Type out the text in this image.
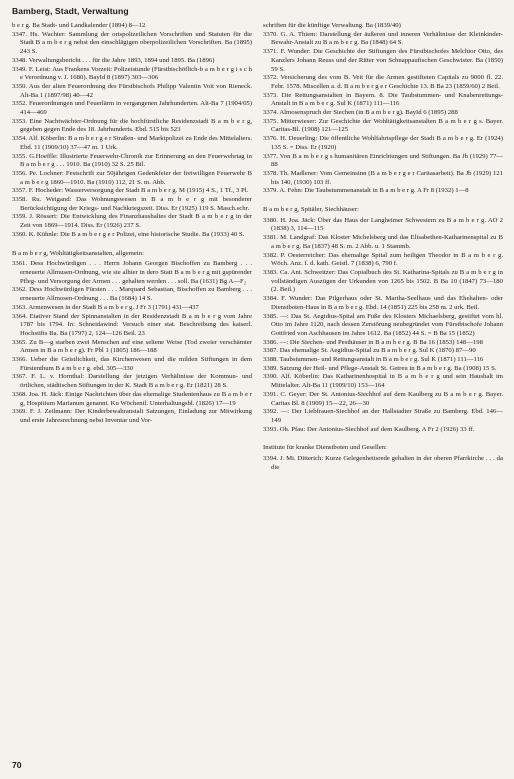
Bamberg, Stadt, Verwaltung
b e r g. Ba Stadt- und Landkalender (1894) 8—12
3347. Hs. Wachter: Sammlung der ortspolizeilichen Vorschriften und Statuten für die Stadt B a m b e r g nebst den einschlägigen oberpolizeilichen Vorschriften. Ba (1895) 243 S.
3348. Verwaltungsbericht . . . für die Jahre 1893, 1894 und 1895. Ba (1896)
3349. F. Leist: Aus Frankens Vorzeit: Polizeistunde (Fürstbischöflich-b a m b e r g i s c h e Verordnung v. J. 1680). BayId 8 (1897) 303—306
3350. Aus der alten Feuerordnung des Fürstbischofs Philipp Valentin Voit von Rieneck. Alt-Ba 1 (1897/98) 40—42
3352. Feuerordnungen und Feuerlärm in vergangenen Jahrhunderten. Alt-Ba 7 (1904/05) 414—469
3353. Eine Nachtwächter-Ordnung für die hochfürstliche Residenzstadt B a m b e r g, gegeben gegen Ende des 18. Jahrhunderts. Ebd. 515 bis 523
3354. Alf. Köberlin: B a m b e r g e r Straßen- und Marktpolizei zu Ende des Mittelalters. Ebd. 11 (1909/10) 37—47 m. 1 Urk.
3355. G.Hoeffle: Illustrierte Feuerwehr-Chronik zur Erinnerung an den Feuerwehrtag in B a m b e r g . . . 1910. Ba (1910) 32 S. 25 Bil.
3356. Pe. Lochner: Festschrift zur 50jährigen Gedenkfeier der freiwilligen Feuerwehr B a m b e r g 1860—1910. Ba (1910) 112, 21 S. m. Abb.
3357. F. Hocheder: Wasserversorgung der Stadt B a m b e r g. M (1915) 4 S., 1 Tf., 3 Pl.
3358. Ru. Weigand: Das Wohnungswesen in B a m b e r g mit besonderer Berücksichtigung der Kriegs- und Nachkriegszeit. Diss. Er (1925) 119 S. Masch.schr.
3359. J. Rössert: Die Entwicklung des Finanzhaushaltes der Stadt B a m b e r g in der Zeit von 1869—1914. Diss. Er (1926) 237 S.
3360. K. Kühnle: Die B a m b e r g e r Polizei, eine historische Studie. Ba (1933) 40 S.
B a m b e r g, Wohltätigkeitsanstalten, allgemein:
3361. Dess Hochwürdigen . . . Herrn Johann Georgen Bischoffen zu Bamberg . . . erneuerte Allmusen-Ordnung, wie sie alhier in dero Statt B a m b e r g mit gspürender Pfleg- und Versorgung der Armen . . . gehalten werden . . . soll. Ba (1631) Bg A—F₂
3362. Dess Hochwürdigen Fürsten . . . Marquard Sebastian, Bischoffen zu Bamberg . . . erneuerte Allmosen-Ordnung . . . Ba (1684) 14 S.
3363. Armenwesen in der Stadt B a m b e r g. J Fr 3 (1791) 431—437
3364. Etativer Stand der Spinnanstalten in der Residenzstadt B a m b e r g vom Jahre 1787 bis 1794. In: Schneidawind: Versuch einer stat. Beschreibung des kaiserl. Hochstifts Ba. Ba (1797) 2, 124—126 Beil. 23
3365. Zu B—g starben zwei Menschen auf eine seltene Weise (Tod zweier verschämter Armen in B a m b e r g). Fr Pbl 1 (1805) 186—188
3366. Ueber die Geistlichkeit, das Kirchenwesen und die milden Stiftungen in dem Fürstenthum B a m b e r g. ebd. 305—330
3367. F. L. v. Hornthal: Darstellung der jetzigen Verhältnisse der Kommun- und örtlichen, städtischen Stiftungen in der K. Stadt B a m b e r g. Er (1821) 28 S.
3368. Joa. H. Jäck: Einige Nachrichten über das ehemalige Studentenhaus zu B a m b e r g, Hospitium Marianum genannt. Ku Wöchentl. Unterhaltungsbl. (1826) 17—19
3369. F. J. Zeilmann: Der Kinderbewahranstalt Satzungen, Einladung zur Mitwirkung und erste Jahresrechnung nebst Inventar und Vor-
schriften für die künftige Verwaltung. Ba (1839/40)
3370. G. A. Thiem: Darstellung der äußeren und inneren Verhältnisse der Kleinkinder-Bewahr-Anstalt zu B a m b e r g. Ba (1848) 64 S.
3371. F. Wunder: Die Geschichte der Stiftungen des Fürstbischofes Melchior Otto, des Kanzlers Johann Reuss und der Ritter von Schnappaufischen Geschwister. Ba (1850) 59 S.
3372. Versicherung des vom B. Veit für die Armen gestifteten Capitals zu 9000 fl. 22. Febr. 1578. Miscellen a. d. B a m b e r g e r Geschichte 13. B Ba 23 (1859/60) 2 Beil.
3373. Die Rettungsanstalten in Bayern. 8. Die Taubstummen- und Knabenrettungs-Anstalt in B a m b e r g. Sul K (1871) 111—116
3374. Almosenspruch der Siechen (in B a m b e r g). BayId 6 (1895) 288
3375. Mitterwieser: Zur Geschichte der Wohltätigkeitsanstalten B a m b e r g s. Bayer. Caritas-Bl. (1908) 121—125
3376. H. Deuerling: Die öffentliche Wohlfahrtspflege der Stadt B a m b e r g. Er (1924) 135 S. = Diss. Er (1920)
3377. Von B a m b e r g s humanitären Einrichtungen und Stiftungen. Ba Jb (1929) 77—88
3378. Th. Madlener: Vom Gemeinsinn (B a m b e r g e r Caritasarbeit). Ba Jb (1929) 121 bis 140, (1930) 103 ff.
3379. A. Fehn: Die Taubstummenanstalt in B a m b e r g. A Fr 8 (1932) 1—8
B a m b e r g, Spitäler, Siechhäuser:
3380. H. Joa. Jäck: Über das Haus der Langheimer Schwestern zu B a m b e r g. AO 2 (1838) 3, 114—115
3381. M. Landgraf: Das Kloster Michelsberg und das Elisabethen-Katharinenspital zu B a m b e r g. Ba (1837) 48 S. m. 2 Abb. u. 1 Stammb.
3382. P. Oesterreicher: Das ehemalige Spital zum heiligen Theodor in B a m b e r g. Wöch. Anz. f. d. kath. Geistl. 7 (1838) 6, 790 f.
3383. Ca. Ant. Schweitzer: Das Copialbuch des St. Katharina-Spitals zu B a m b e r g in vollständigen Auszügen der Urkunden von 1265 bis 1502. B Ba 10 (1847) 73—180 (2. Beil.)
3384. F. Wunder: Das Pilgerhaus oder St. Martha-Seelhaus und das Ehehalten- oder Dienstboten-Haus in B a m b e r g. Ebd. 14 (1851) 225 bis 258 m. 2 urk. Beil.
3385. —: Das St. Aegidius-Spital am Fuße des Klosters Michaelsberg, gestiftet vom hl. Otto im Jahre 1120, nach dessen Zerstörung neubegründet vom Fürstbischofe Johann Gottfried von Aschhausen im Jahre 1612. Ba (1852) 44 S. = B Ba 15 (1852)
3386. —: Die Siechen- und Pesthäuser in B a m b e r g. B Ba 16 (1853) 148—198
3387. Das ehemalige St. Aegidius-Spital zu B a m b e r g. Sul K (1870) 87—90
3388. Taubstummen- und Rettungsanstalt in B a m b e r g. Sul K (1871) 111—116
3389. Satzung der Heil- und Pflege-Anstalt St. Getreu in B a m b e r g. Ba (1908) 15 S.
3390. Alf. Köberlin: Das Katharinenhospital in B a m b e r g und sein Haushalt im Mittelalter. Alt-Ba 11 (1909/10) 153—164
3391. C. Geyer: Der St. Antonius-Siechhof auf dem Kaulberg zu B a m b e r g. Bayer. Caritas Bl. 8 (1909) 15—22, 26—30
3392. —: Der Liebfrauen-Siechhof an der Hallstadter Straße zu Bamberg. Ebd. 146—149
3393. Oh. Pfau: Der Antonius-Siechhof auf dem Kaulberg. A Fr 2 (1926) 33 ff.
Institute für kranke Dienstboten und Gesellen:
3394. J. Mi. Ditterich: Kurze Gelegenheitsrede gehalten in der oberen Pfarrkirche . . . da die
70
